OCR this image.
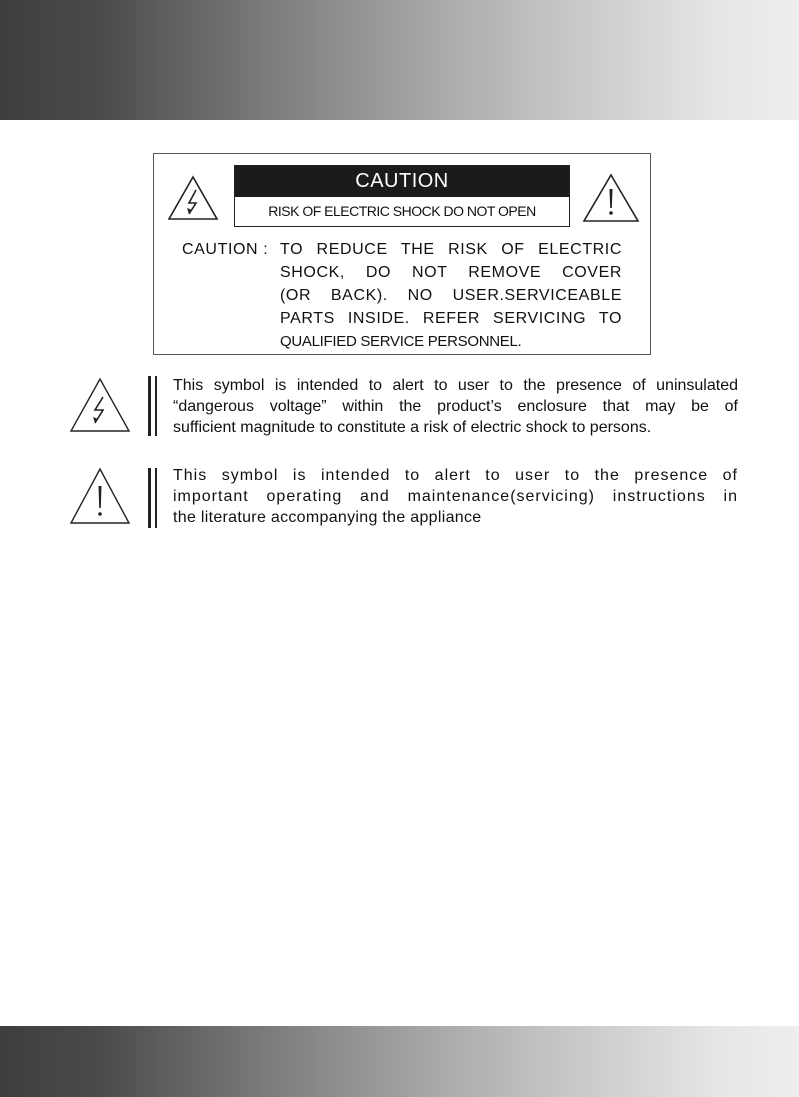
CAUTION
RISK OF ELECTRIC SHOCK DO NOT OPEN
CAUTION : TO REDUCE THE RISK OF ELECTRIC
SHOCK, DO NOT REMOVE COVER
(OR BACK). NO USER.SERVICEABLE
PARTS INSIDE. REFER SERVICING TO
QUALIFIED SERVICE PERSONNEL.
This symbol is intended to alert to user to the presence of uninsulated
“dangerous voltage” within the product’s enclosure that may be of
sufficient magnitude to constitute a risk of electric shock to persons.
This symbol is intended to alert to user to the presence of
important operating and maintenance(servicing) instructions in
the literature accompanying the appliance
